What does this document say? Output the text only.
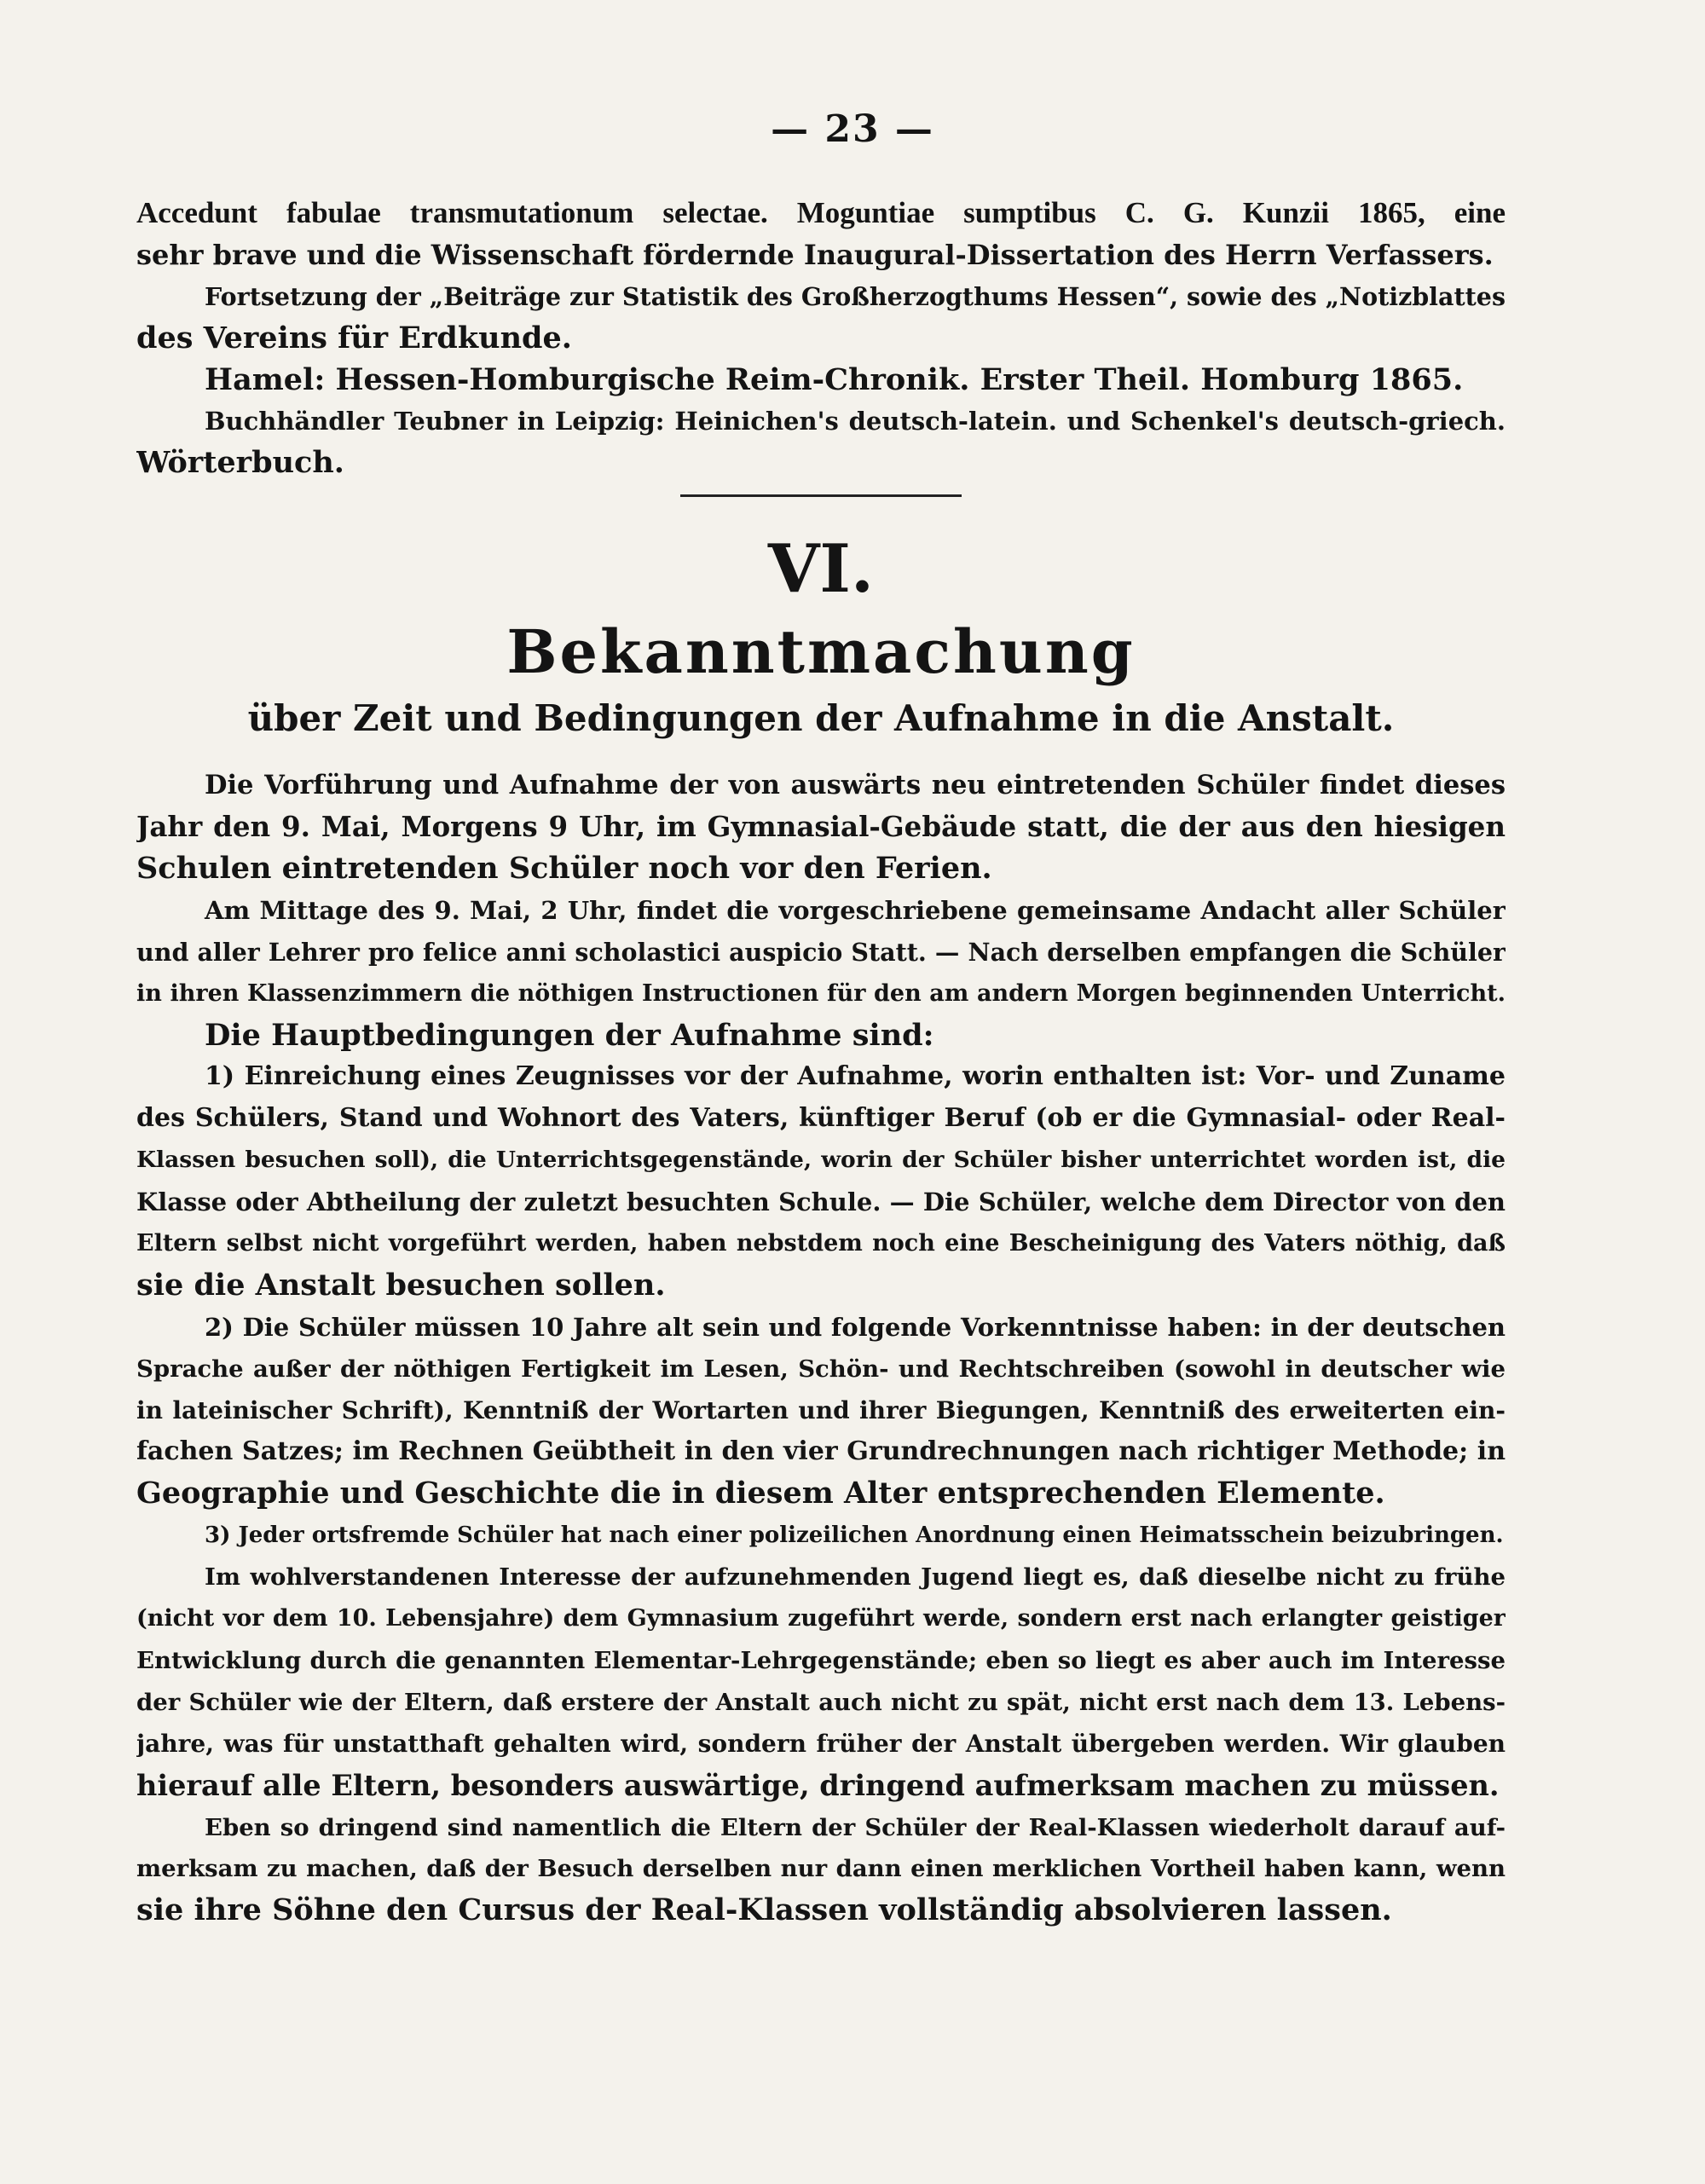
— 23 —
Accedunt fabulae transmutationum selectae. Moguntiae sumptibus C. G. Kunzii 1865, eine
sehr brave und die Wissenschaft fördernde Inaugural-Dissertation des Herrn Verfassers.
Fortsetzung der „Beiträge zur Statistik des Großherzogthums Hessen“, sowie des „Notizblattes
des Vereins für Erdkunde.
Hamel: Hessen-Homburgische Reim-Chronik. Erster Theil. Homburg 1865.
Buchhändler Teubner in Leipzig: Heinichen's deutsch-latein. und Schenkel's deutsch-griech.
Wörterbuch.
VI.
Bekanntmachung
über Zeit und Bedingungen der Aufnahme in die Anstalt.
Die Vorführung und Aufnahme der von auswärts neu eintretenden Schüler findet dieses
Jahr den 9. Mai, Morgens 9 Uhr, im Gymnasial-Gebäude statt, die der aus den hiesigen
Schulen eintretenden Schüler noch vor den Ferien.
Am Mittage des 9. Mai, 2 Uhr, findet die vorgeschriebene gemeinsame Andacht aller Schüler
und aller Lehrer pro felice anni scholastici auspicio Statt. — Nach derselben empfangen die Schüler
in ihren Klassenzimmern die nöthigen Instructionen für den am andern Morgen beginnenden Unterricht.
Die Hauptbedingungen der Aufnahme sind:
1) Einreichung eines Zeugnisses vor der Aufnahme, worin enthalten ist: Vor- und Zuname
des Schülers, Stand und Wohnort des Vaters, künftiger Beruf (ob er die Gymnasial- oder Real-
Klassen besuchen soll), die Unterrichtsgegenstände, worin der Schüler bisher unterrichtet worden ist, die
Klasse oder Abtheilung der zuletzt besuchten Schule. — Die Schüler, welche dem Director von den
Eltern selbst nicht vorgeführt werden, haben nebstdem noch eine Bescheinigung des Vaters nöthig, daß
sie die Anstalt besuchen sollen.
2) Die Schüler müssen 10 Jahre alt sein und folgende Vorkenntnisse haben: in der deutschen
Sprache außer der nöthigen Fertigkeit im Lesen, Schön- und Rechtschreiben (sowohl in deutscher wie
in lateinischer Schrift), Kenntniß der Wortarten und ihrer Biegungen, Kenntniß des erweiterten ein-
fachen Satzes; im Rechnen Geübtheit in den vier Grundrechnungen nach richtiger Methode; in
Geographie und Geschichte die in diesem Alter entsprechenden Elemente.
3) Jeder ortsfremde Schüler hat nach einer polizeilichen Anordnung einen Heimatsschein beizubringen.
Im wohlverstandenen Interesse der aufzunehmenden Jugend liegt es, daß dieselbe nicht zu frühe
(nicht vor dem 10. Lebensjahre) dem Gymnasium zugeführt werde, sondern erst nach erlangter geistiger
Entwicklung durch die genannten Elementar-Lehrgegenstände; eben so liegt es aber auch im Interesse
der Schüler wie der Eltern, daß erstere der Anstalt auch nicht zu spät, nicht erst nach dem 13. Lebens-
jahre, was für unstatthaft gehalten wird, sondern früher der Anstalt übergeben werden. Wir glauben
hierauf alle Eltern, besonders auswärtige, dringend aufmerksam machen zu müssen.
Eben so dringend sind namentlich die Eltern der Schüler der Real-Klassen wiederholt darauf auf-
merksam zu machen, daß der Besuch derselben nur dann einen merklichen Vortheil haben kann, wenn
sie ihre Söhne den Cursus der Real-Klassen vollständig absolvieren lassen.
